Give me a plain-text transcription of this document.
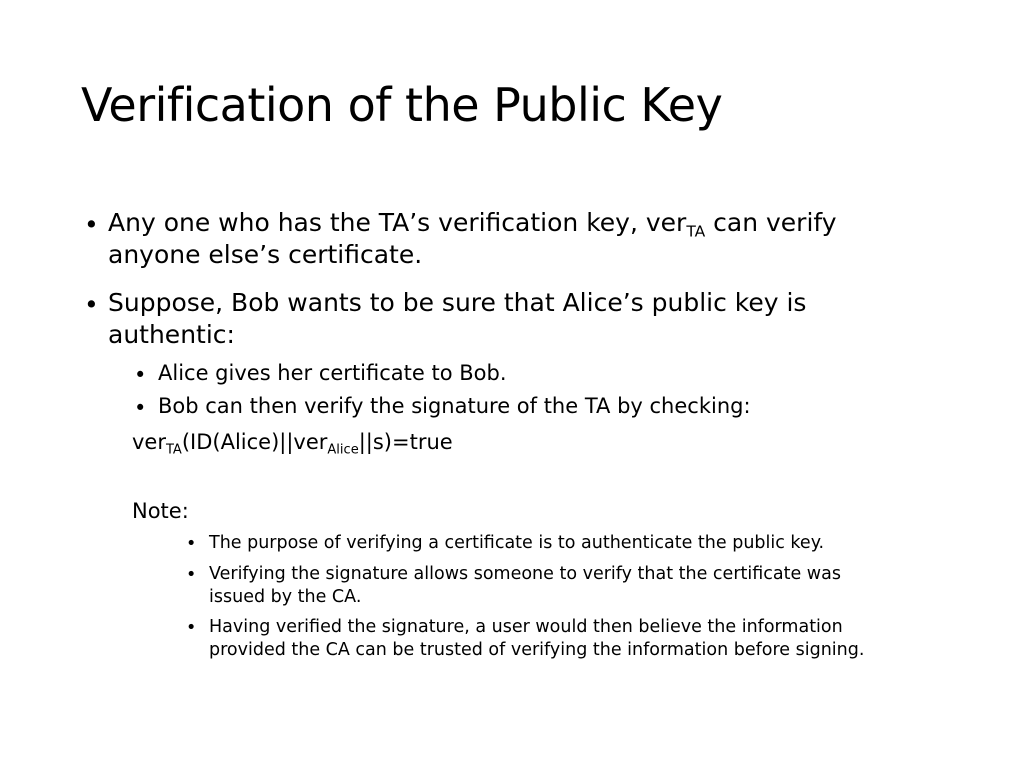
Verification of the Public Key
• Any one who has the TA’s verification key, ver$_{TA}$ can verify
anyone else’s certificate.
• Suppose, Bob wants to be sure that Alice’s public key is
authentic:
• Alice gives her certificate to Bob.
• Bob can then verify the signature of the TA by checking:
ver$_{TA}$(ID(Alice)||ver$_{Alice}$||s)=true
Note:
• The purpose of verifying a certificate is to authenticate the public key.
• Verifying the signature allows someone to verify that the certificate was
issued by the CA.
• Having verified the signature, a user would then believe the information
provided the CA can be trusted of verifying the information before signing.
